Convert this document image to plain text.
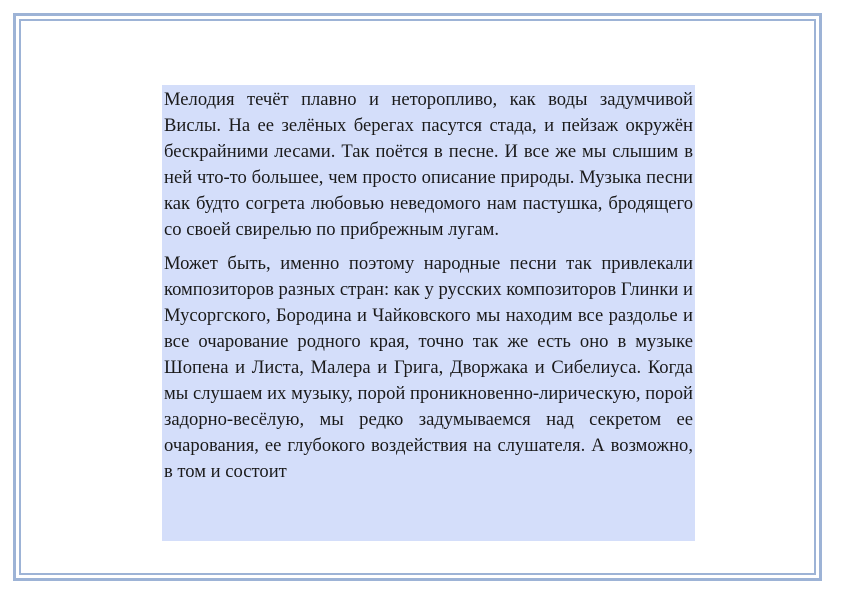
Мелодия течёт плавно и неторопливо, как воды задумчивой Вислы. На ее зелёных берегах пасутся стада, и пейзаж окружён бескрайними лесами. Так поётся в песне. И все же мы слышим в ней что-то большее, чем просто описание природы. Музыка песни как будто согрета любовью неведомого нам пастушка, бродящего со своей свирелью по прибрежным лугам.

Может быть, именно поэтому народные песни так привлекали композиторов разных стран: как у русских композиторов Глинки и Мусоргского, Бородина и Чайковского мы находим все раздолье и все очарование родного края, точно так же есть оно в музыке Шопена и Листа, Малера и Грига, Дворжака и Сибелиуса. Когда мы слушаем их музыку, порой проникновенно-лирическую, порой задорно-весёлую, мы редко задумываемся над секретом ее очарования, ее глубокого воздействия на слушателя. А возможно, в том и состоит
